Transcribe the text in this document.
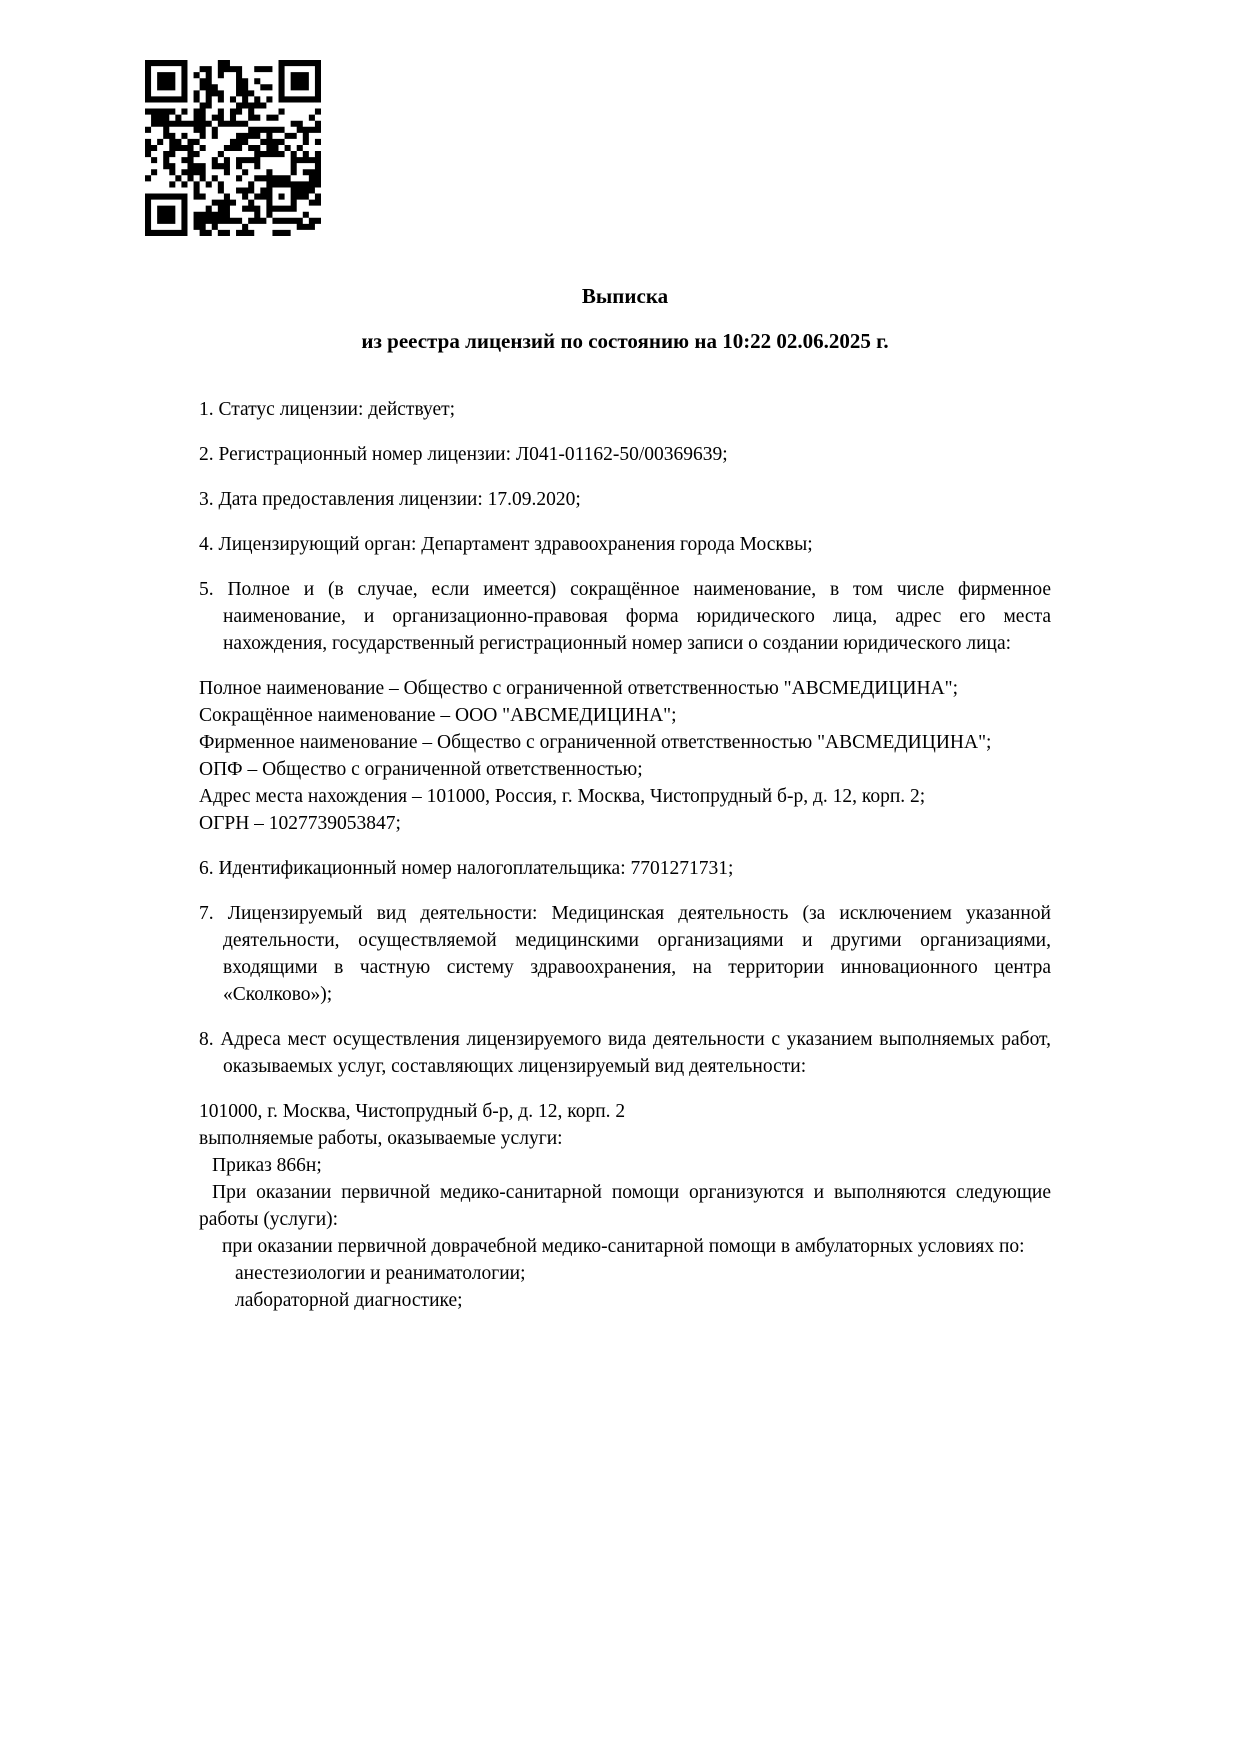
Выписка
из реестра лицензий по состоянию на 10:22 02.06.2025 г.

1. Статус лицензии: действует;

2. Регистрационный номер лицензии: Л041-01162-50/00369639;

3. Дата предоставления лицензии: 17.09.2020;

4. Лицензирующий орган: Департамент здравоохранения города Москвы;

5. Полное и (в случае, если имеется) сокращённое наименование, в том числе фирменное наименование, и организационно-правовая форма юридического лица, адрес его места нахождения, государственный регистрационный номер записи о создании юридического лица:

Полное наименование – Общество с ограниченной ответственностью "АВСМЕДИЦИНА";

Сокращённое наименование – ООО "АВСМЕДИЦИНА";

Фирменное наименование – Общество с ограниченной ответственностью "АВСМЕДИЦИНА";

ОПФ – Общество с ограниченной ответственностью;

Адрес места нахождения – 101000, Россия, г. Москва, Чистопрудный б-р, д. 12, корп. 2;

ОГРН – 1027739053847;

6. Идентификационный номер налогоплательщика: 7701271731;

7. Лицензируемый вид деятельности: Медицинская деятельность (за исключением указанной деятельности, осуществляемой медицинскими организациями и другими организациями, входящими в частную систему здравоохранения, на территории инновационного центра «Сколково»);

8. Адреса мест осуществления лицензируемого вида деятельности с указанием выполняемых работ, оказываемых услуг, составляющих лицензируемый вид деятельности:

101000, г. Москва, Чистопрудный б-р, д. 12, корп. 2

выполняемые работы, оказываемые услуги:

Приказ 866н;

При оказании первичной медико-санитарной помощи организуются и выполняются следующие работы (услуги):

при оказании первичной доврачебной медико-санитарной помощи в амбулаторных условиях по:

анестезиологии и реаниматологии;

лабораторной диагностике;
